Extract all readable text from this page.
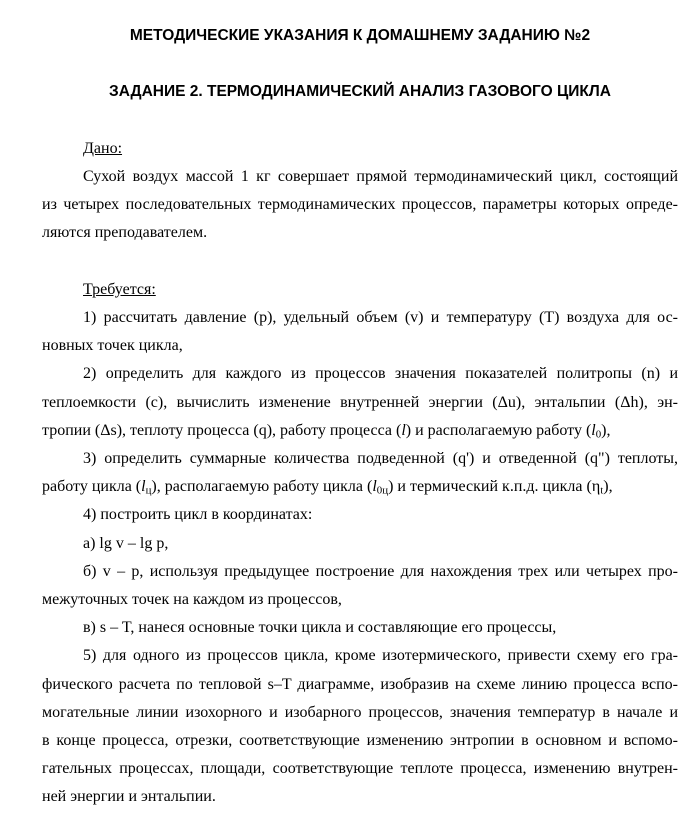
МЕТОДИЧЕСКИЕ УКАЗАНИЯ К ДОМАШНЕМУ ЗАДАНИЮ №2
ЗАДАНИЕ 2. ТЕРМОДИНАМИЧЕСКИЙ АНАЛИЗ ГАЗОВОГО ЦИКЛА
Дано:
Сухой воздух массой 1 кг совершает прямой термодинамический цикл, состоящий
из четырех последовательных термодинамических процессов, параметры которых опреде-
ляются преподавателем.
Требуется:
1) рассчитать давление (p), удельный объем (v) и температуру (T) воздуха для ос-
новных точек цикла,
2) определить для каждого из процессов значения показателей политропы (n) и
теплоемкости (c), вычислить изменение внутренней энергии (Δu), энтальпии (Δh), эн-
тропии (Δs), теплоту процесса (q), работу процесса (l) и располагаемую работу $(l_0)$,
3) определить суммарные количества подведенной (q') и отведенной (q") теплоты,
работу цикла $(l_ц)$, располагаемую работу цикла $(l_{0ц})$ и термический к.п.д. цикла $(\eta_t)$,
4) построить цикл в координатах:
а) lg v – lg p,
б) v – p, используя предыдущее построение для нахождения трех или четырех про-
межуточных точек на каждом из процессов,
в) s – T, нанеся основные точки цикла и составляющие его процессы,
5) для одного из процессов цикла, кроме изотермического, привести схему его гра-
фического расчета по тепловой s–T диаграмме, изобразив на схеме линию процесса вспо-
могательные линии изохорного и изобарного процессов, значения температур в начале и
в конце процесса, отрезки, соответствующие изменению энтропии в основном и вспомо-
гательных процессах, площади, соответствующие теплоте процесса, изменению внутрен-
ней энергии и энтальпии.
